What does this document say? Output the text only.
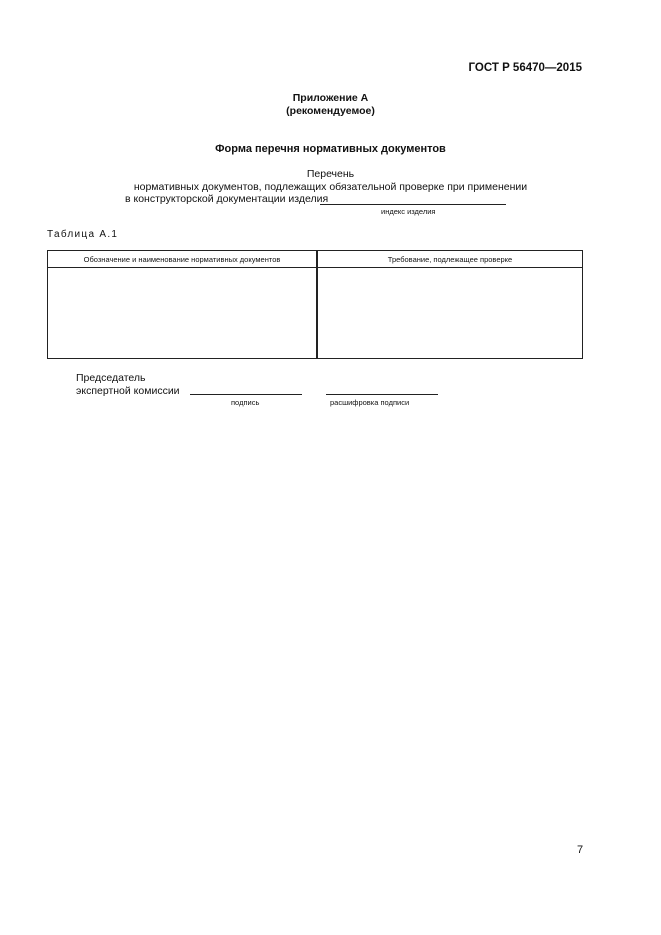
ГОСТ Р 56470—2015
Приложение А
(рекомендуемое)
Форма перечня нормативных документов
Перечень
нормативных документов, подлежащих обязательной проверке при применении
в конструкторской документации изделия
индекс изделия
Таблица А.1
Обозначение и наименование нормативных документов	Требование, подлежащее проверке

Председатель
экспертной комиссии
подпись	расшифровка подписи
7
